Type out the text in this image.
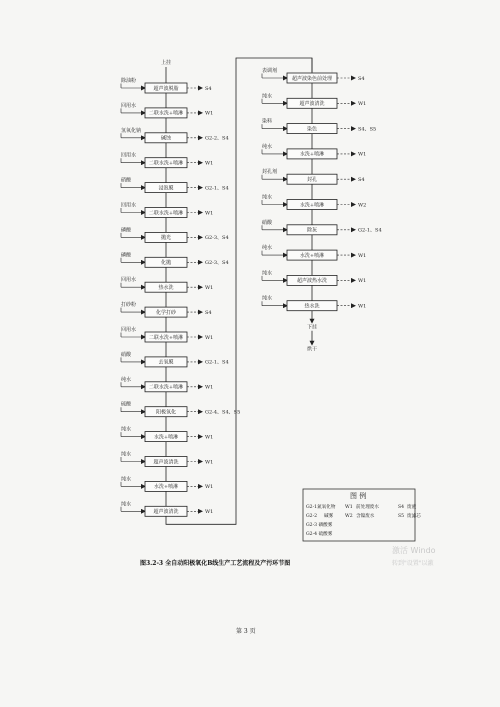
上挂
除油粉
超声波脱脂	S4
回用水
二联水洗+喷淋	W1
氢氧化钠
碱蚀	G2-2、S4
回用水
二联水洗+喷淋	W1
硝酸
浸泡膜	G2-1、S4
回用水
二联水洗+喷淋	W1
磷酸
抛光	G2-3、S4
磷酸
化抛	G2-3、S4
回用水
热水洗	W1
打砂粉
化学打砂	S4
回用水
二联水洗+喷淋	W1
硝酸
去氧膜	G2-1、S4
纯水
二联水洗+喷淋	W1
硫酸
阳极氧化	G2-4、S4、S5
纯水
水洗+喷淋	W1
纯水
超声波清洗	W1
纯水
水洗+喷淋	W1
纯水
超声波清洗	W1
表调剂
超声波染色前处理	S4
纯水
超声波清洗	W1
染料
染色	S4、S5
纯水
水洗+喷淋	W1
封孔剂
封孔	S4
纯水
水洗+喷淋	W2
硝酸
除灰	G2-1、S4
纯水
水洗+喷淋	W1
纯水
超声波热水洗	W1
纯水
热水洗	W1
下挂
烘干
图 例
G2-1氮氧化物 W1 前处理废水	S4 废液
G2-2 碱雾	W2 含镍废水	S5 废滤芯
G2-3 磷酸雾
G2-4 硫酸雾
图3.2-3 全自动阳极氧化B线生产工艺流程及产污环节图
激活 Windo
转到"设置"以激
第 3 页
